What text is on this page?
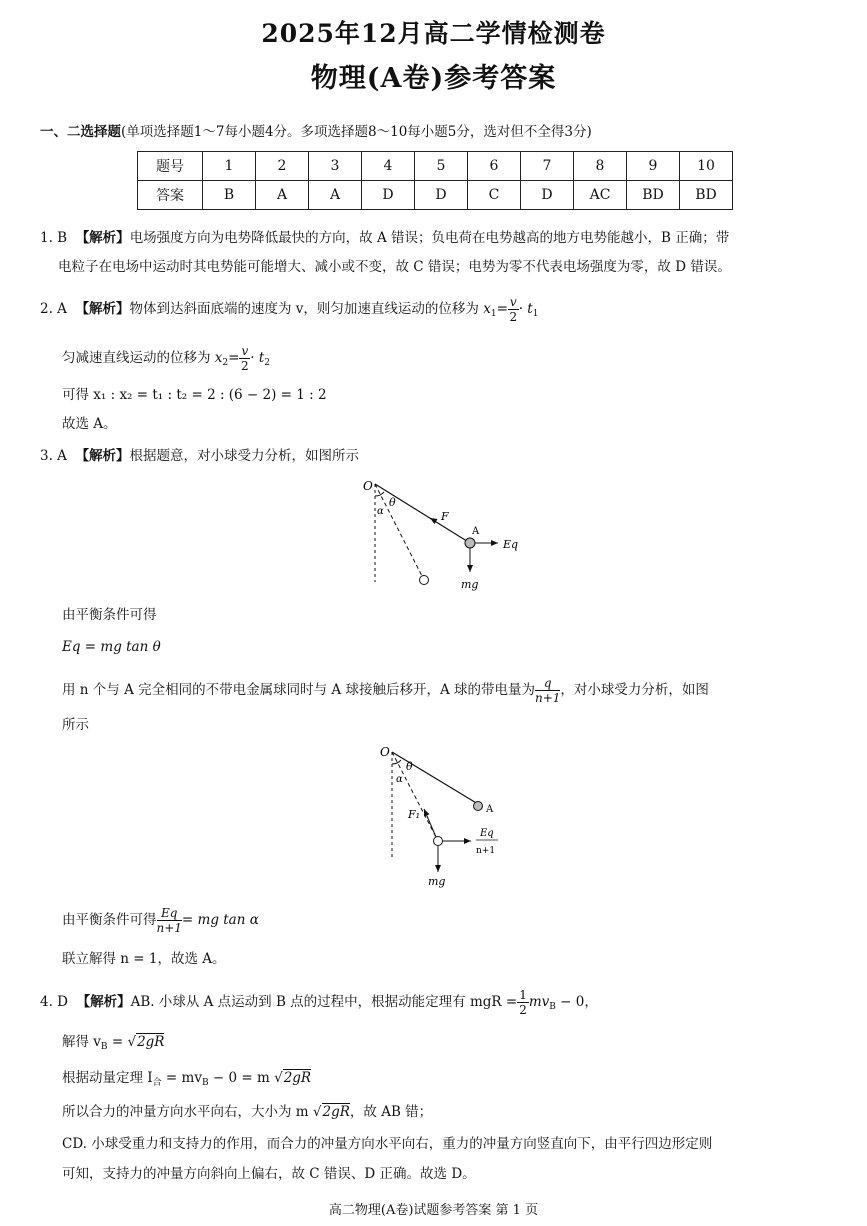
2025年12月高二学情检测卷
物理(A卷)参考答案
一、二选择题(单项选择题1～7每小题4分。多项选择题8～10每小题5分，选对但不全得3分)
题号	1	2	3	4	5	6	7	8	9	10
答案	B	A	A	D	D	C	D	AC	BD	BD
1. B 【解析】电场强度方向为电势降低最快的方向，故 A 错误；负电荷在电势越高的地方电势能越小，B 正确；带
电粒子在电场中运动时其电势能可能增大、减小或不变，故 C 错误；电势为零不代表电场强度为零，故 D 错误。
2. A 【解析】物体到达斜面底端的速度为 v，则匀加速直线运动的位移为 $x_1= \frac{v}{2} \cdot t_1$
匀减速直线运动的位移为 $x_2= \frac{v}{2} \cdot t_2$
可得 x₁ : x₂ = t₁ : t₂ = 2 : (6 − 2) = 1 : 2
故选 A。
3. A 【解析】根据题意，对小球受力分析，如图所示
O
θ
α	F
A
Eq
mg
由平衡条件可得
Eq = mg tan θ
用 n 个与 A 完全相同的不带电金属球同时与 A 球接触后移开，A 球的带电量为 $\frac{q}{n+1}$ ，对小球受力分析，如图
所示
O
A
θ
α
F₁
Eq
n+1
mg
由平衡条件可得 $\frac{Eq}{n+1}$ = mg tan α
联立解得 n = 1，故选 A。
4. D 【解析】AB. 小球从 A 点运动到 B 点的过程中，根据动能定理有 mgR = $\frac{1}{2} mv_B - 0$，
解得 $v_B = √2gR$
根据动量定理 $I_合 = mv_B - 0 = m$ √2gR
所以合力的冲量方向水平向右，大小为 m √2gR，故 AB 错；
CD. 小球受重力和支持力的作用，而合力的冲量方向水平向右，重力的冲量方向竖直向下，由平行四边形定则
可知，支持力的冲量方向斜向上偏右，故 C 错误、D 正确。故选 D。
高二物理(A卷)试题参考答案 第 1 页
